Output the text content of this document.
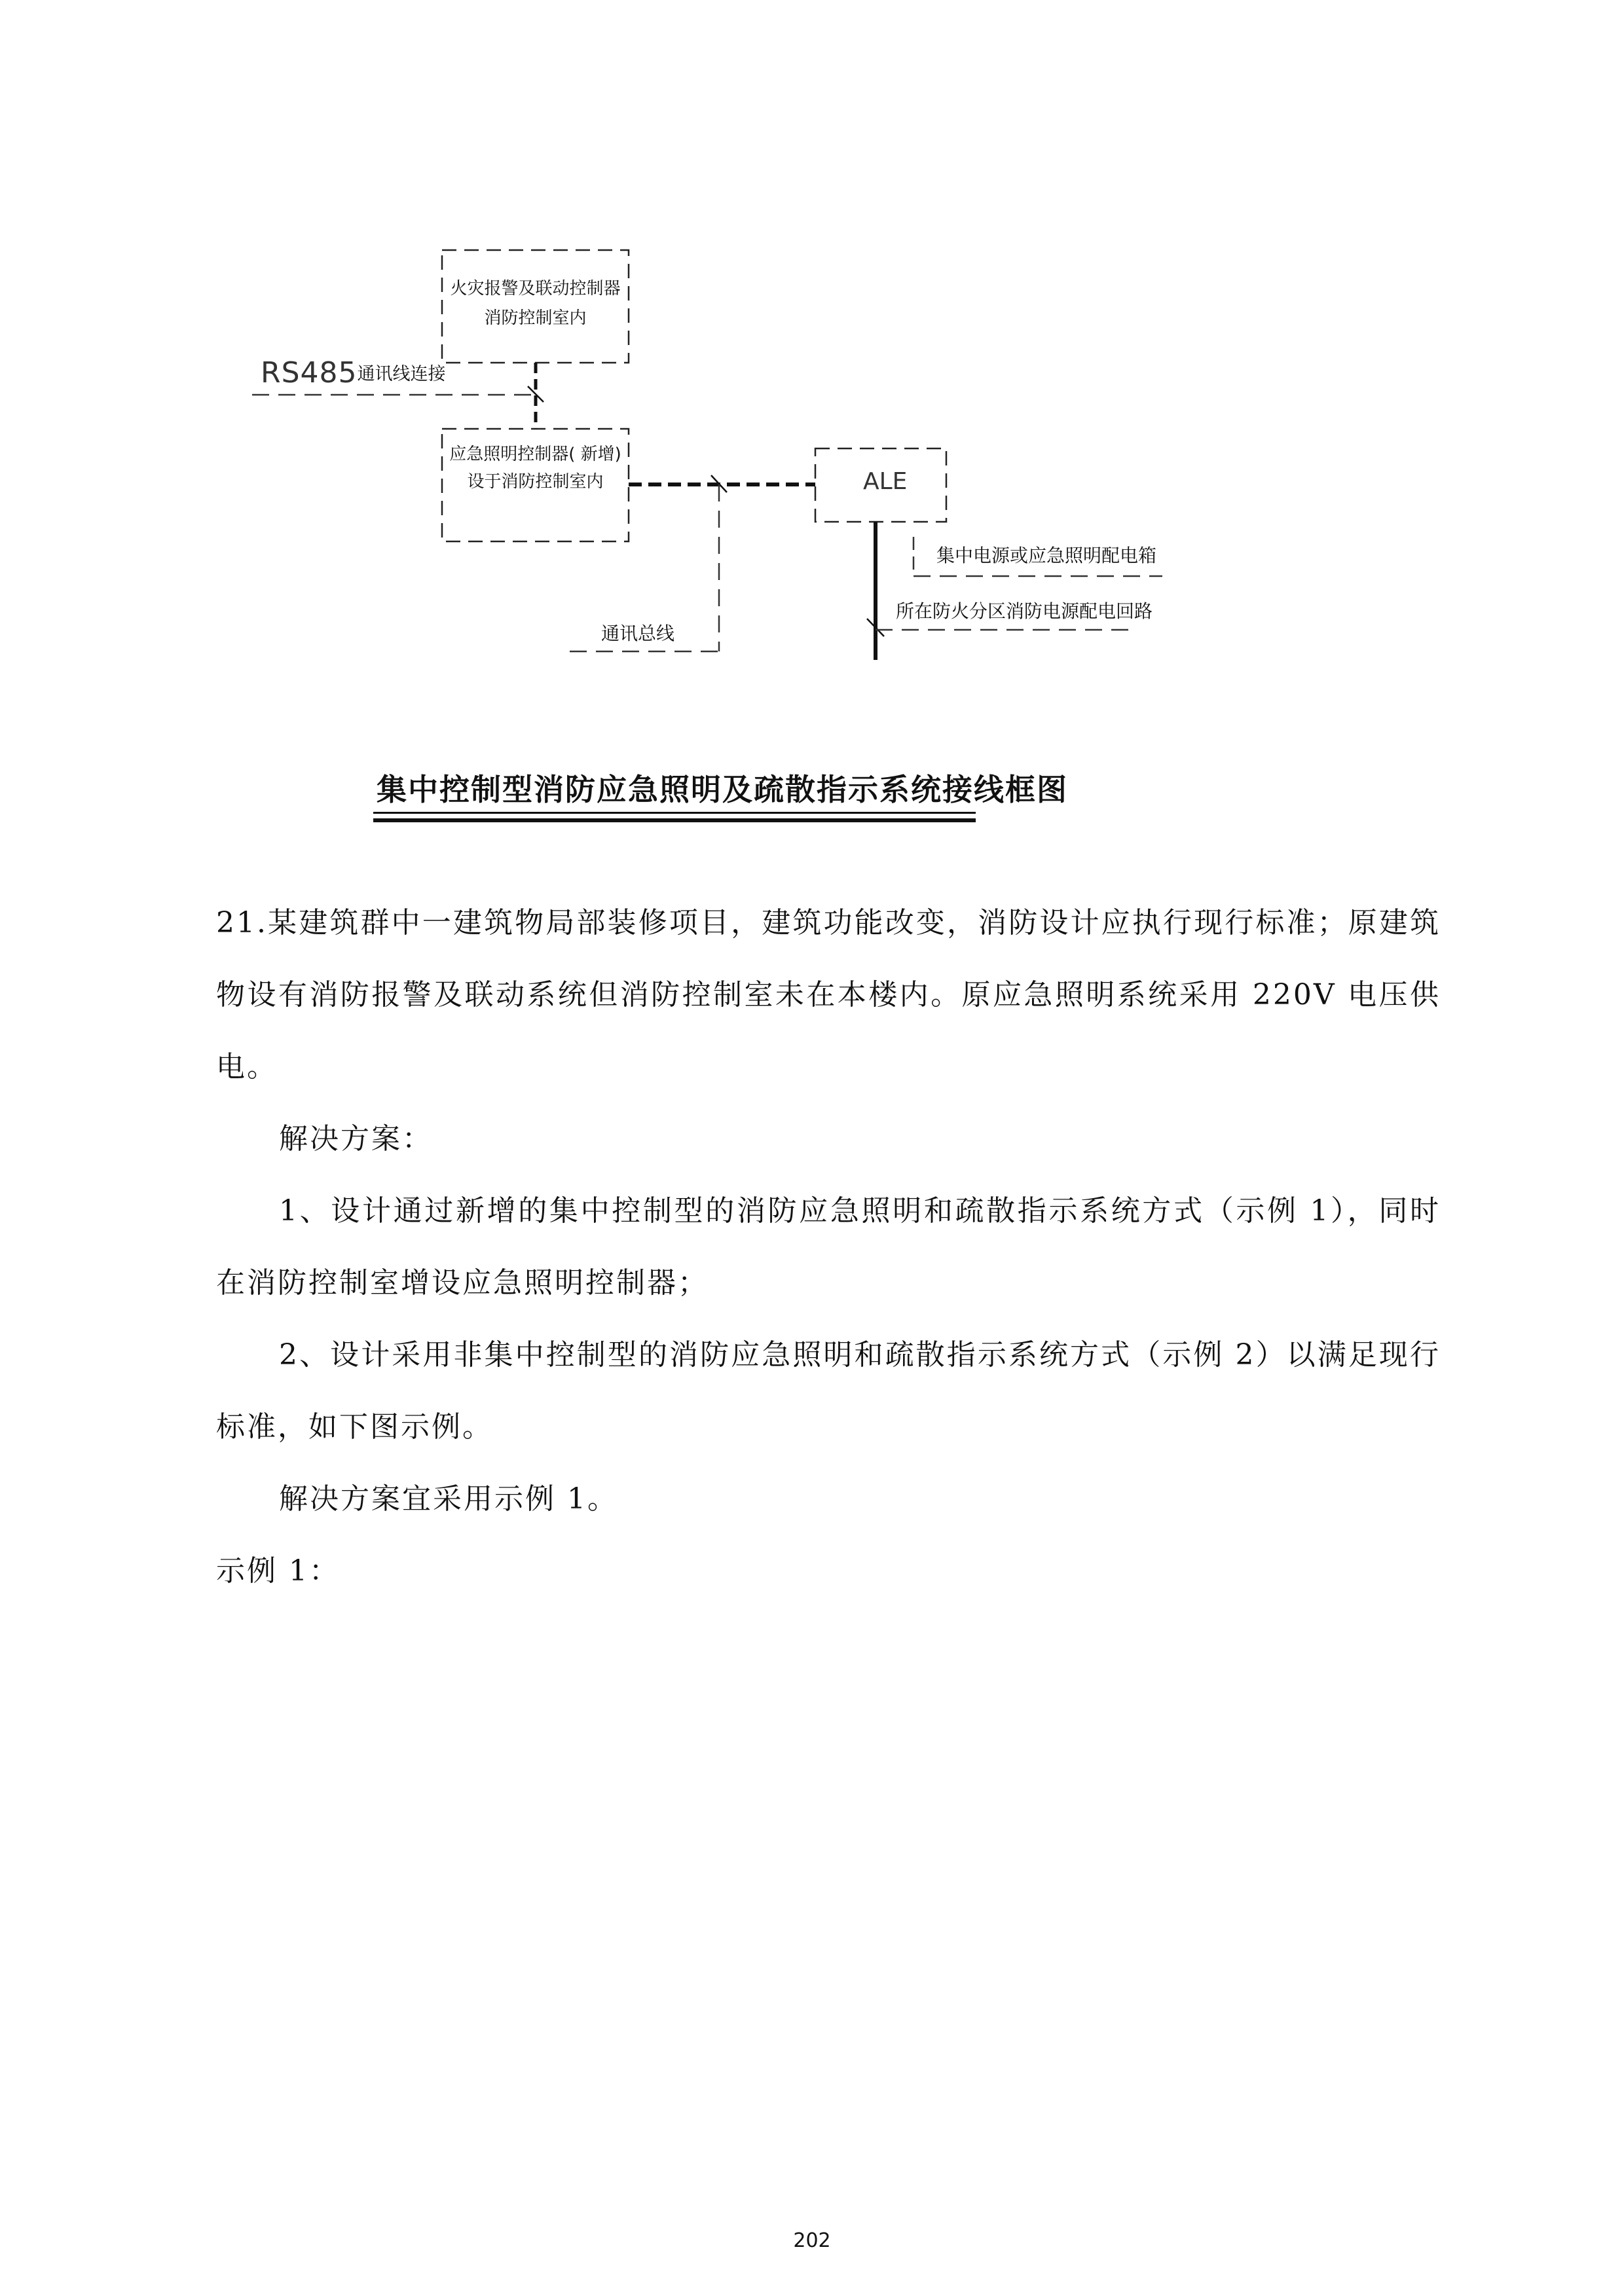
火灾报警及联动控制器
消防控制室内
应急照明控制器( 新增)
设于消防控制室内	ALE
RS485通讯线连接
通讯总线
集中电源或应急照明配电箱
所在防火分区消防电源配电回路
集中控制型消防应急照明及疏散指示系统接线框图

21.某建筑群中一建筑物局部装修项目，建筑功能改变，消防设计应执行现行标准；原建筑物设有消防报警及联动系统但消防控制室未在本楼内。原应急照明系统采用 220V 电压供电。

解决方案：

1、设计通过新增的集中控制型的消防应急照明和疏散指示系统方式（示例 1），同时在消防控制室增设应急照明控制器；

2、设计采用非集中控制型的消防应急照明和疏散指示系统方式（示例 2）以满足现行标准，如下图示例。

解决方案宜采用示例 1。

示例 1：

202
